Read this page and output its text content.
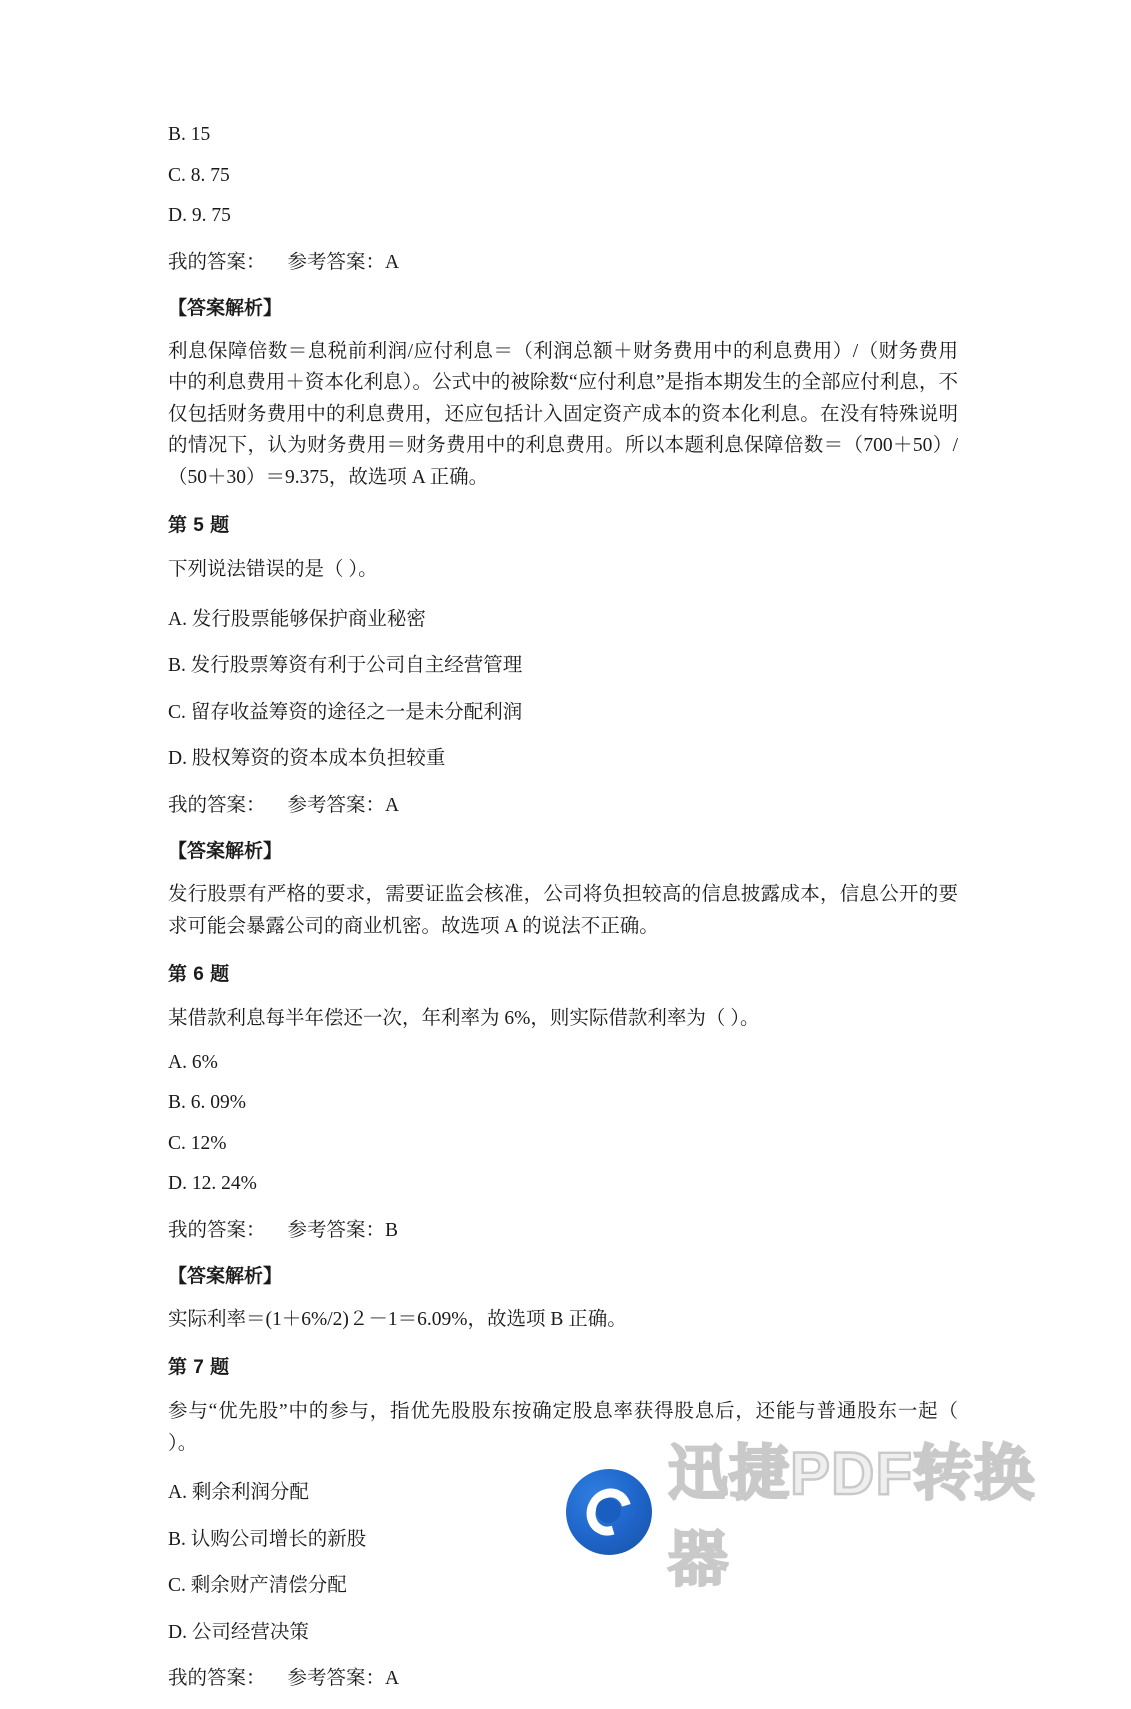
B. 15
C. 8. 75
D. 9. 75
我的答案： 参考答案：A
【答案解析】
利息保障倍数＝息税前利润/应付利息＝（利润总额＋财务费用中的利息费用）/（财务费用中的利息费用＋资本化利息）。公式中的被除数“应付利息”是指本期发生的全部应付利息，不仅包括财务费用中的利息费用，还应包括计入固定资产成本的资本化利息。在没有特殊说明的情况下，认为财务费用＝财务费用中的利息费用。所以本题利息保障倍数＝（700＋50）/（50＋30）＝9.375，故选项 A 正确。
第 5 题
下列说法错误的是（ ）。
A. 发行股票能够保护商业秘密
B. 发行股票筹资有利于公司自主经营管理
C. 留存收益筹资的途径之一是未分配利润
D. 股权筹资的资本成本负担较重
我的答案： 参考答案：A
【答案解析】
发行股票有严格的要求，需要证监会核准，公司将负担较高的信息披露成本，信息公开的要求可能会暴露公司的商业机密。故选项 A 的说法不正确。
第 6 题
某借款利息每半年偿还一次，年利率为 6%，则实际借款利率为（ ）。
A. 6%
B. 6. 09%
C. 12%
D. 12. 24%
我的答案： 参考答案：B
【答案解析】
实际利率＝(1＋6%/2)２－1＝6.09%，故选项 B 正确。
第 7 题
参与“优先股”中的参与，指优先股股东按确定股息率获得股息后，还能与普通股东一起（ ）。
A. 剩余利润分配
B. 认购公司增长的新股
C. 剩余财产清偿分配
D. 公司经营决策
我的答案： 参考答案：A
迅捷PDF转换器
